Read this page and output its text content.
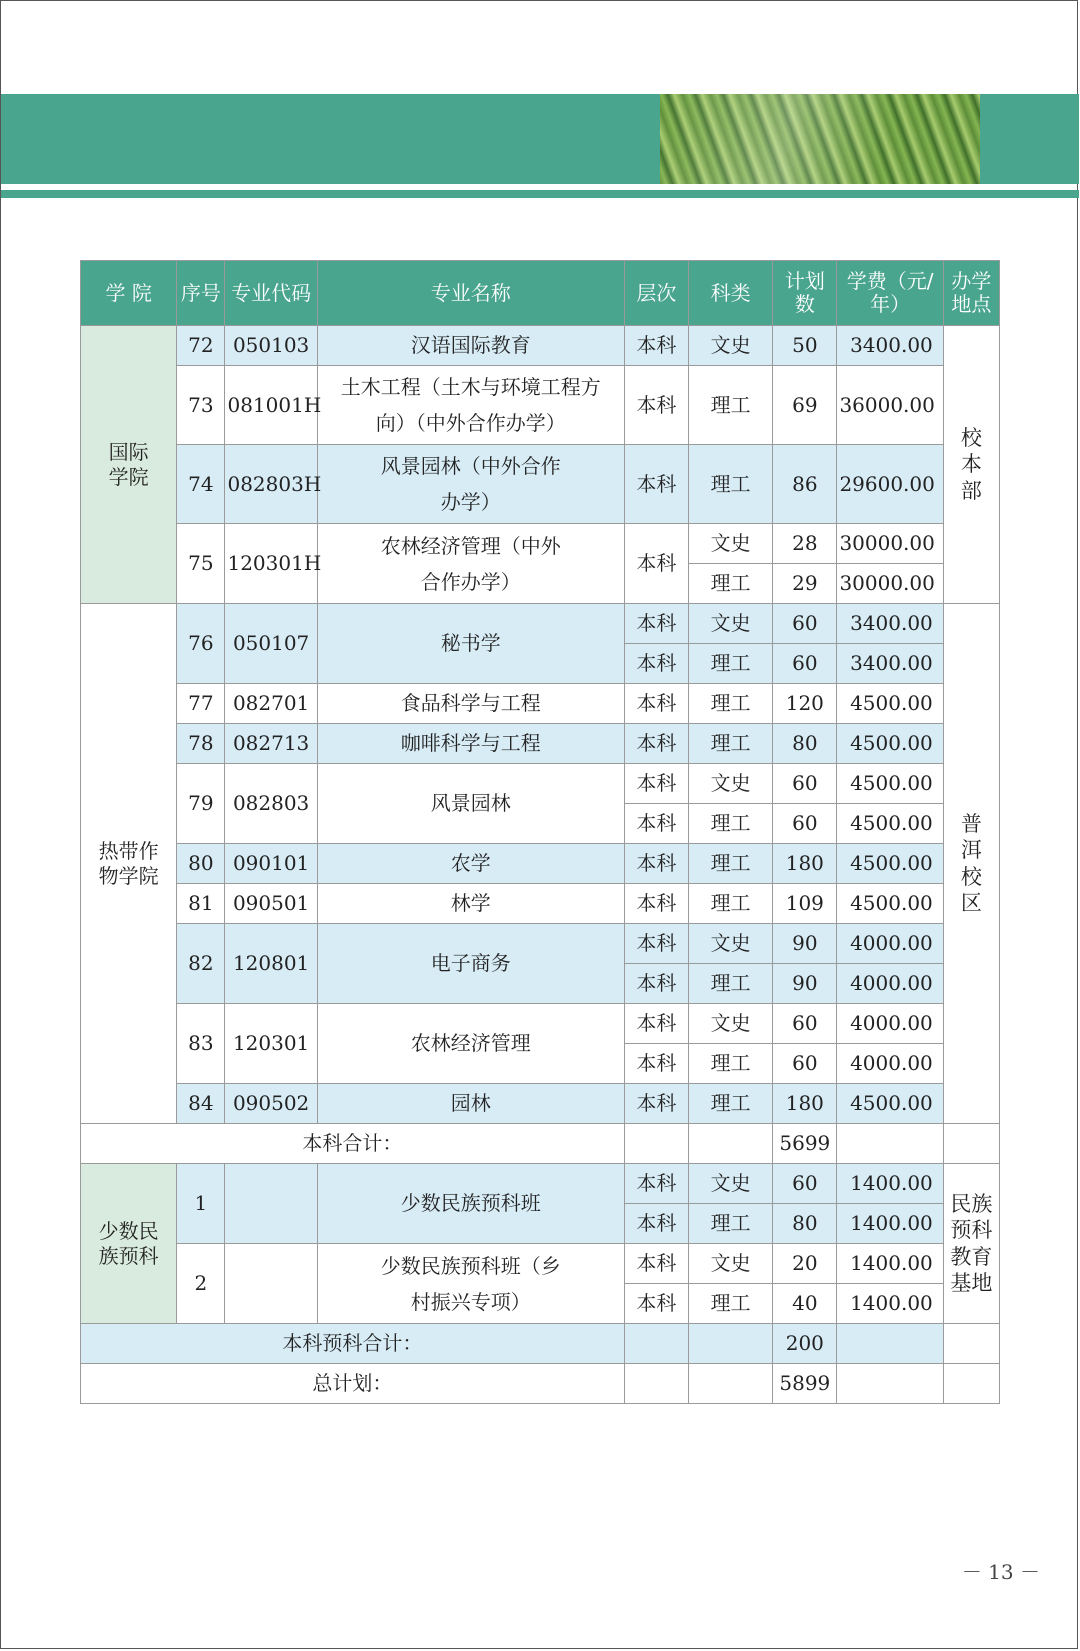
学 院	序号	专业代码	专业名称	层次	科类	计划数	学费（元/年）	办学地点
国际学院	72	050103	汉语国际教育	本科	文史	50	3400.00	校本部
	73	081001H	土木工程（土木与环境工程方向）（中外合作办学）	本科	理工	69	36000.00	
	74	082803H	风景园林（中外合作办学）	本科	理工	86	29600.00	
	75	120301H	农林经济管理（中外合作办学）	本科	文史	28	30000.00	
					理工	29	30000.00	
热带作物学院	76	050107	秘书学	本科	文史	60	3400.00	普洱校区
				本科	理工	60	3400.00	
	77	082701	食品科学与工程	本科	理工	120	4500.00	
	78	082713	咖啡科学与工程	本科	理工	80	4500.00	
	79	082803	风景园林	本科	文史	60	4500.00	
				本科	理工	60	4500.00	
	80	090101	农学	本科	理工	180	4500.00	
	81	090501	林学	本科	理工	109	4500.00	
	82	120801	电子商务	本科	文史	90	4000.00	
				本科	理工	90	4000.00	
	83	120301	农林经济管理	本科	文史	60	4000.00	
				本科	理工	60	4000.00	
	84	090502	园林	本科	理工	180	4500.00	
本科合计：						5699		
少数民族预科	1		少数民族预科班	本科	文史	60	1400.00	民族预科教育基地
				本科	理工	80	1400.00	
	2		少数民族预科班（乡村振兴专项）	本科	文史	20	1400.00	
				本科	理工	40	1400.00	
本科预科合计：						200		
总计划：						5899		
－ 13 －
